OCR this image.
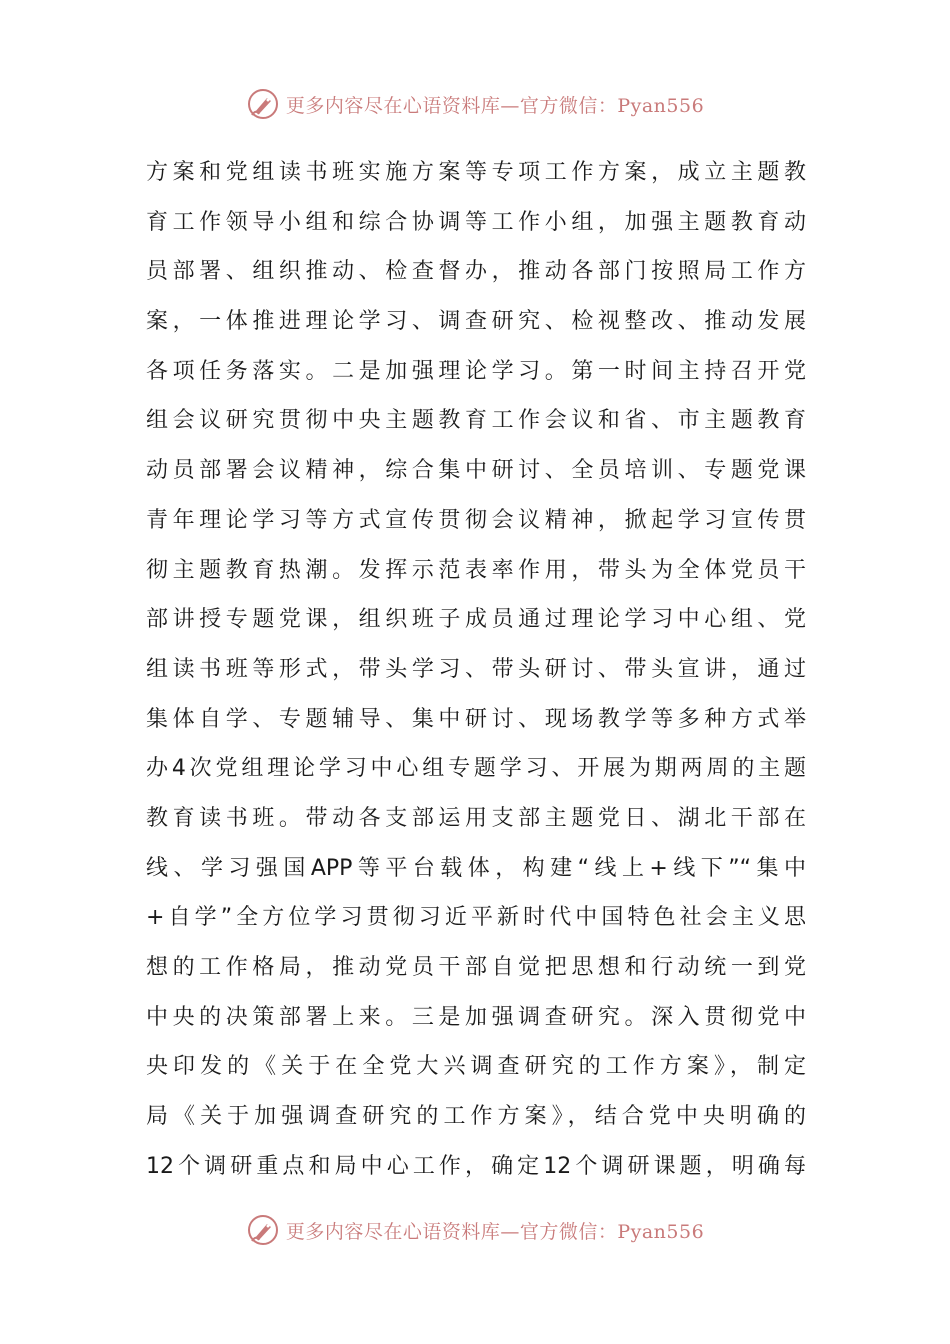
更多内容尽在心语资料库—官方微信：Pyan556
方案和党组读书班实施方案等专项工作方案，成立主题教
育工作领导小组和综合协调等工作小组，加强主题教育动
员部署、组织推动、检查督办，推动各部门按照局工作方
案，一体推进理论学习、调查研究、检视整改、推动发展
各项任务落实。二是加强理论学习。第一时间主持召开党
组会议研究贯彻中央主题教育工作会议和省、市主题教育
动员部署会议精神，综合集中研讨、全员培训、专题党课
青年理论学习等方式宣传贯彻会议精神，掀起学习宣传贯
彻主题教育热潮。发挥示范表率作用，带头为全体党员干
部讲授专题党课，组织班子成员通过理论学习中心组、党
组读书班等形式，带头学习、带头研讨、带头宣讲，通过
集体自学、专题辅导、集中研讨、现场教学等多种方式举
办4次党组理论学习中心组专题学习、开展为期两周的主题
教育读书班。带动各支部运用支部主题党日、湖北干部在
线、学习强国APP等平台载体，构建“线上+线下”“集中
+自学”全方位学习贯彻习近平新时代中国特色社会主义思
想的工作格局，推动党员干部自觉把思想和行动统一到党
中央的决策部署上来。三是加强调查研究。深入贯彻党中
央印发的《关于在全党大兴调查研究的工作方案》，制定
局《关于加强调查研究的工作方案》，结合党中央明确的
12个调研重点和局中心工作，确定12个调研课题，明确每
更多内容尽在心语资料库—官方微信：Pyan556
